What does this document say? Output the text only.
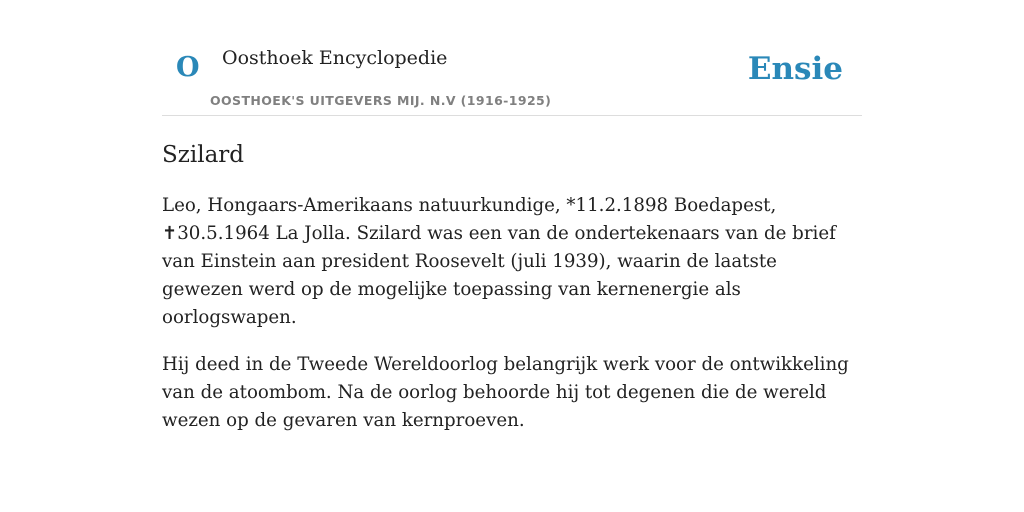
O Oosthoek Encyclopedie
OOSTHOEK'S UITGEVERS MIJ. N.V (1916-1925)
Ensie
Szilard

Leo, Hongaars-Amerikaans natuurkundige, *11.2.1898 Boedapest, ✝30.5.1964 La Jolla. Szilard was een van de ondertekenaars van de brief van Einstein aan president Roosevelt (juli 1939), waarin de laatste gewezen werd op de mogelijke toepassing van kernenergie als oorlogswapen.

Hij deed in de Tweede Wereldoorlog belangrijk werk voor de ontwikkeling van de atoombom. Na de oorlog behoorde hij tot degenen die de wereld wezen op de gevaren van kernproeven.
